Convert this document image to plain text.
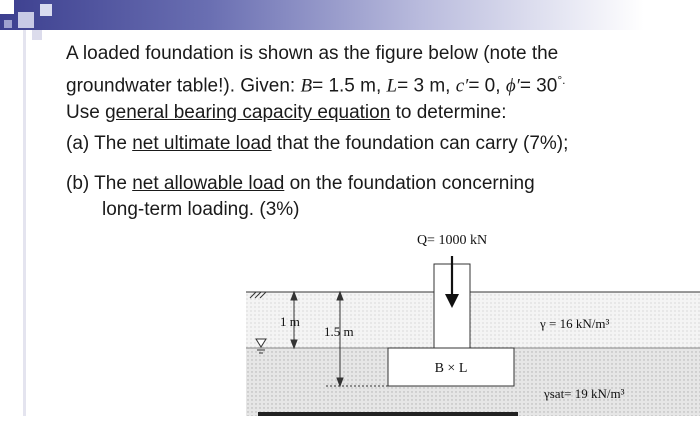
A loaded foundation is shown as the figure below (note the

groundwater table!). Given: B= 1.5 m, L= 3 m, c′= 0, ϕ′= 30°.

Use general bearing capacity equation to determine:

(a) The net ultimate load that the foundation can carry (7%);
(b) The net allowable load on the foundation concerning
long-term loading. (3%)
Q= 1000 kN
1 m
1.5 m
B × L
γ = 16 kN/m³
γsat= 19 kN/m³
